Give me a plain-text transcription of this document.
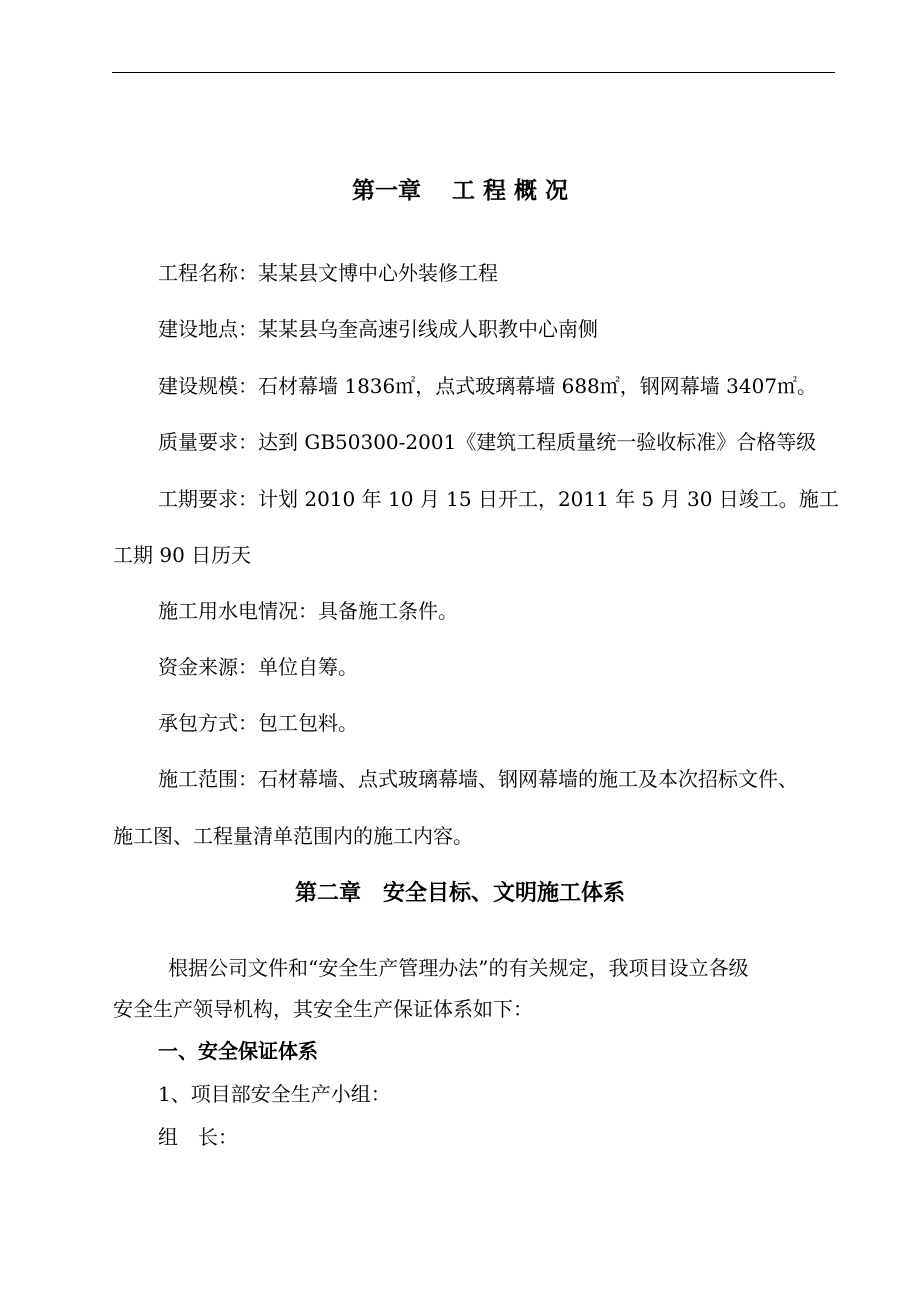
第一章　 工 程 概 况
工程名称：某某县文博中心外装修工程
建设地点：某某县乌奎高速引线成人职教中心南侧
建设规模：石材幕墙 1836㎡，点式玻璃幕墙 688㎡，钢网幕墙 3407㎡。
质量要求：达到 GB50300-2001《建筑工程质量统一验收标准》合格等级
工期要求：计划 2010 年 10 月 15 日开工，2011 年 5 月 30 日竣工。施工
工期 90 日历天
施工用水电情况：具备施工条件。
资金来源：单位自筹。
承包方式：包工包料。
施工范围：石材幕墙、点式玻璃幕墙、钢网幕墙的施工及本次招标文件、
施工图、工程量清单范围内的施工内容。
第二章　安全目标、文明施工体系
根据公司文件和“安全生产管理办法”的有关规定，我项目设立各级
安全生产领导机构，其安全生产保证体系如下：
一、安全保证体系
1、项目部安全生产小组：
组　长：
